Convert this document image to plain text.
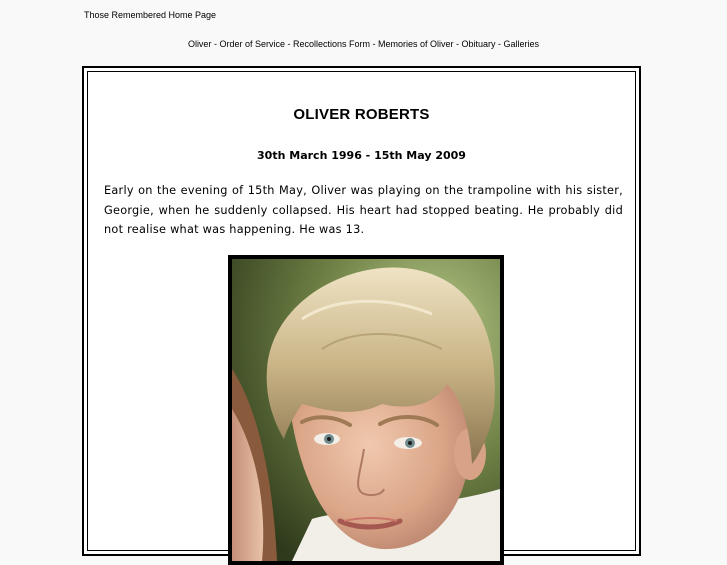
Those Remembered Home Page
Oliver - Order of Service - Recollections Form - Memories of Oliver - Obituary - Galleries
OLIVER ROBERTS
30th March 1996 - 15th May 2009
Early on the evening of 15th May, Oliver was playing on the trampoline with his sister, Georgie, when he suddenly collapsed. His heart had stopped beating. He probably did not realise what was happening. He was 13.
